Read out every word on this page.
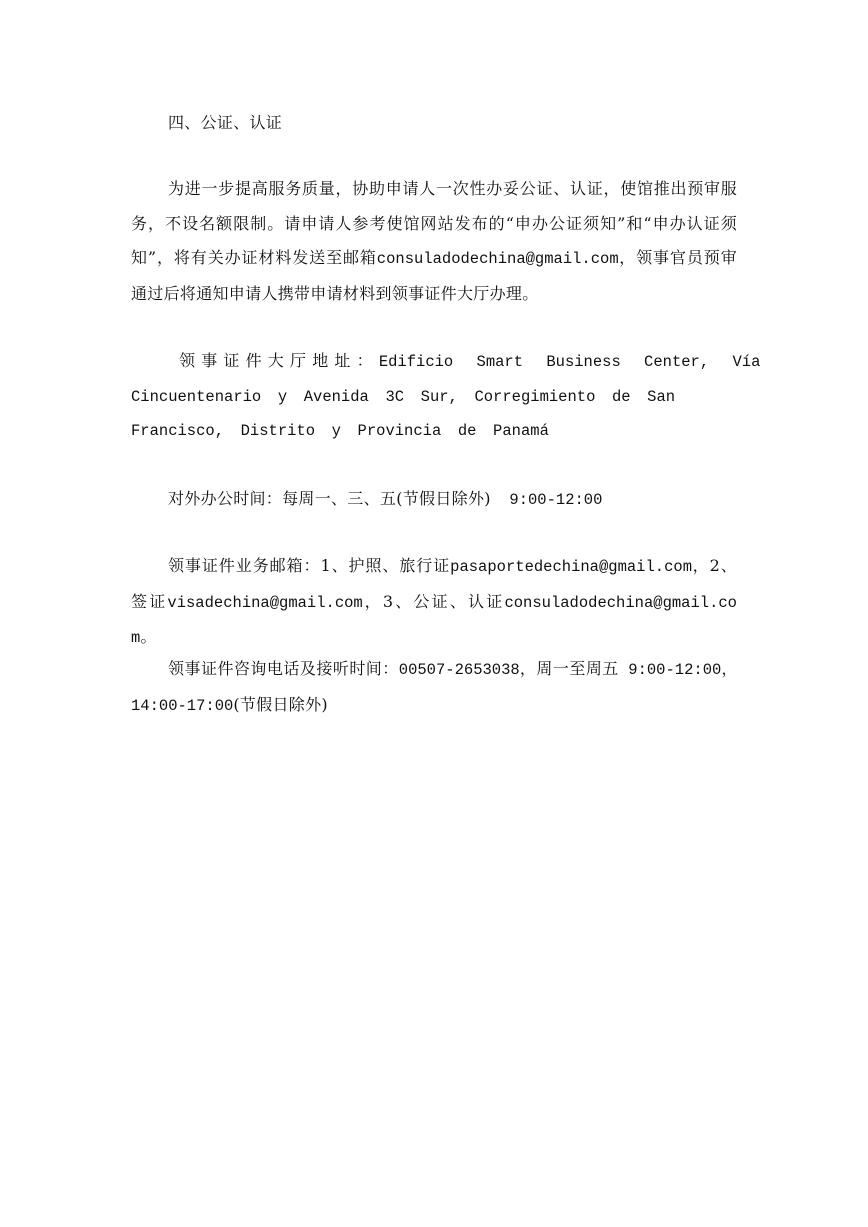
四、公证、认证

为进一步提高服务质量，协助申请人一次性办妥公证、认证，使馆推出预审服务，不设名额限制。请申请人参考使馆网站发布的“申办公证须知”和“申办认证须知”，将有关办证材料发送至邮箱consuladodechina@gmail.com，领事官员预审通过后将通知申请人携带申请材料到领事证件大厅办理。

领事证件大厅地址：Edificio Smart Business Center, Vía
Cincuentenario  y  Avenida  3C  Sur,  Corregimiento  de  San
Francisco,  Distrito  y  Provincia  de  Panamá

对外办公时间：每周一、三、五(节假日除外)  9:00-12:00

领事证件业务邮箱：1、护照、旅行证pasaportedechina@gmail.com，2、签证visadechina@gmail.com，3、公证、认证consuladodechina@gmail.com。

领事证件咨询电话及接听时间：00507-2653038，周一至周五 9:00-12:00，14:00-17:00(节假日除外)
